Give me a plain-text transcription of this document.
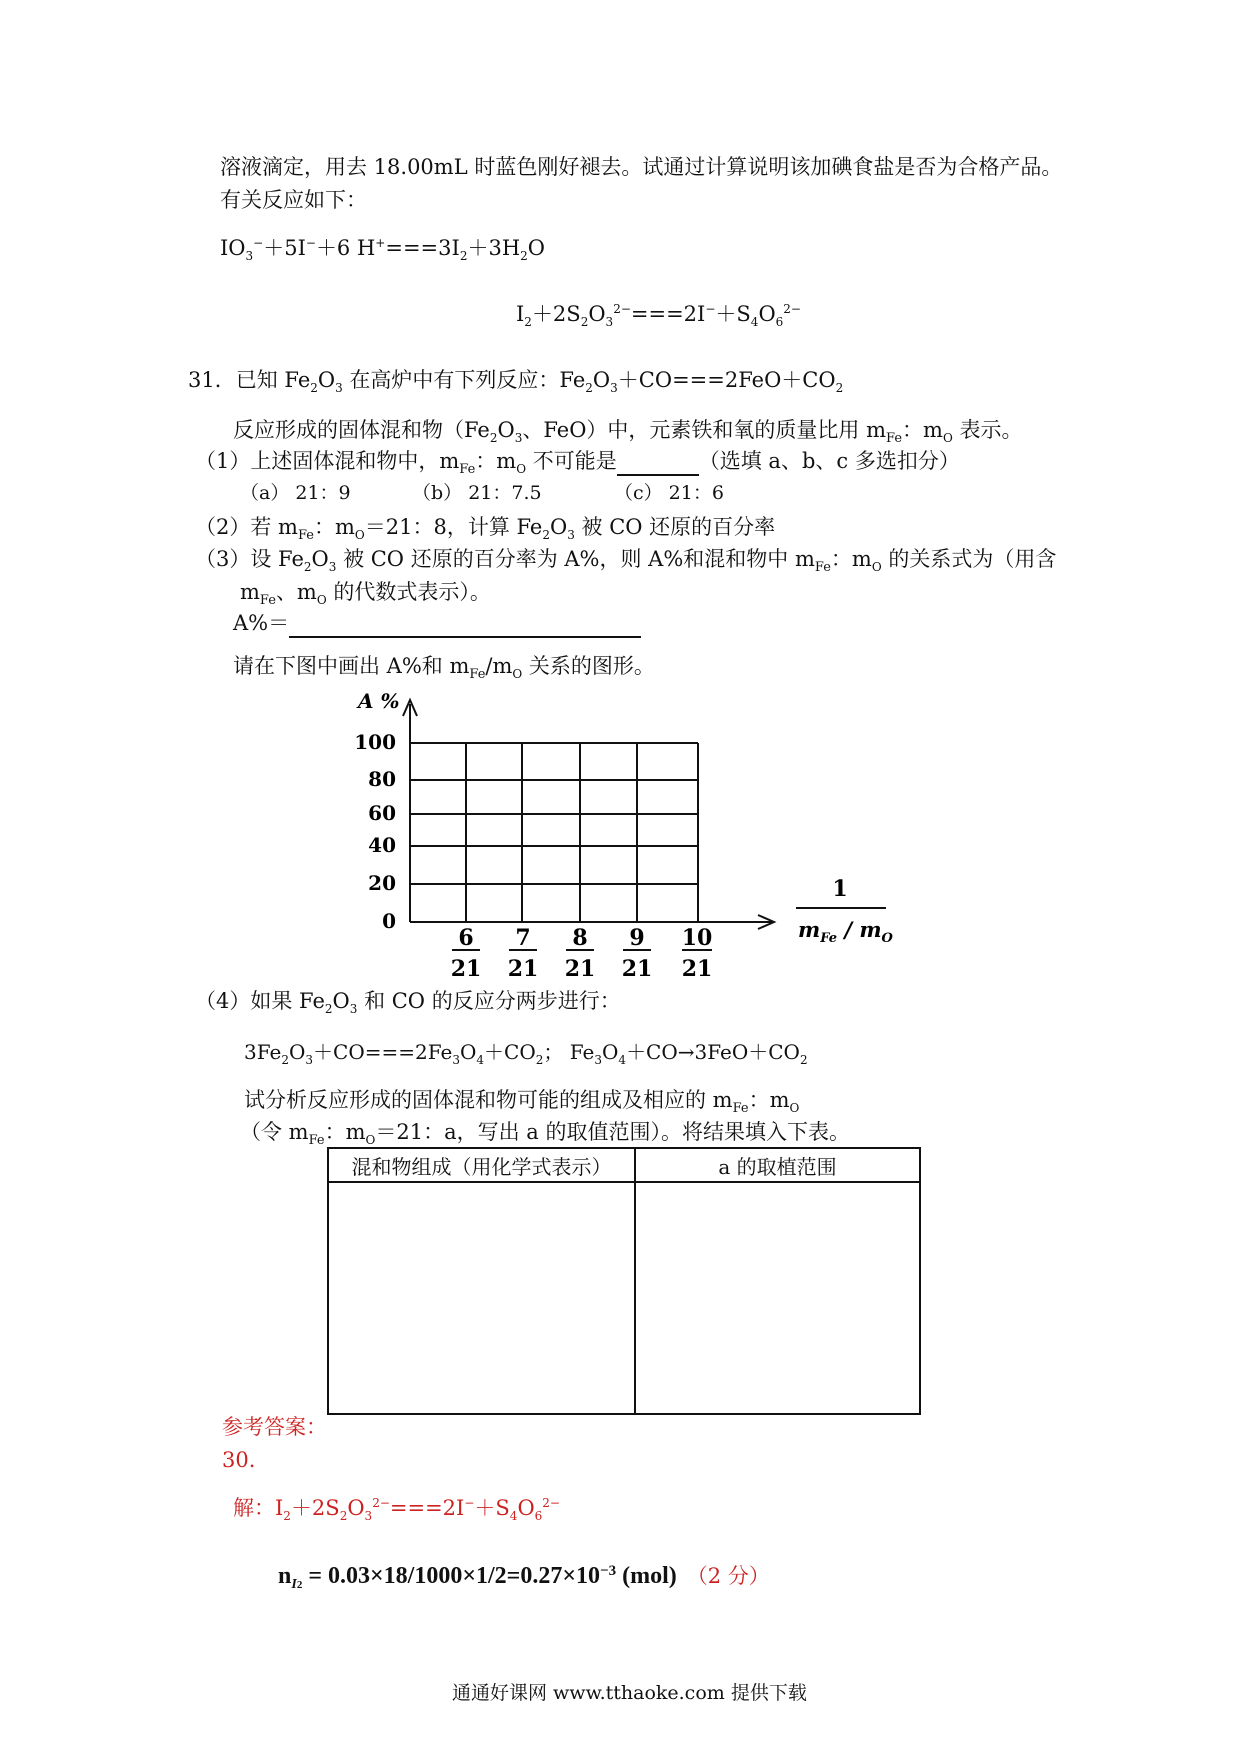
溶液滴定，用去 18.00mL 时蓝色刚好褪去。试通过计算说明该加碘食盐是否为合格产品。
有关反应如下：
$IO_3^-+5I^-+6$ $H^+===3I_2+3H_2O$
$I_2+2S_2O_3^{2-}===2I^-+S_4O_6^{2-}$
31．已知 $Fe_2O_3$ 在高炉中有下列反应：$Fe_2O_3+CO===2FeO+CO_2$
反应形成的固体混和物（$Fe_2O_3$、FeO）中，元素铁和氧的质量比用 $m_{Fe}$：$m_O$ 表示。
（1）上述固体混和物中，$m_{Fe}$：$m_O$ 不可能是	（选填 a、b、c 多选扣分）
（a） 21：9	（b） 21：7.5	（c） 21：6
（2）若 $m_{Fe}$：$m_O=21$：8，计算 $Fe_2O_3$ 被 CO 还原的百分率
（3）设 $Fe_2O_3$ 被 CO 还原的百分率为 A%，则 A%和混和物中 $m_{Fe}$：$m_O$ 的关系式为（用含
$m_{Fe}$、$m_O$ 的代数式表示）。
A%＝
请在下图中画出 A%和 $m_{Fe}/m_O$ 关系的图形。
A %
100
80
60
40
20
0
6
21
7
21
8
21
9
21
10
21
1
$m_{Fe} / m_O$
（4）如果 $Fe_2O_3$ 和 CO 的反应分两步进行：
$3Fe_2O_3+CO===2Fe_3O_4+CO_2$； $Fe_3O_4+CO\to 3FeO+CO_2$
试分析反应形成的固体混和物可能的组成及相应的 $m_{Fe}$：$m_O$
（令 $m_{Fe}$：$m_O=21$：a，写出 a 的取值范围）。将结果填入下表。
混和物组成（用化学式表示）	a 的取植范围

参考答案：
30.
解：$I_2+2S_2O_3^{2-}===2I^-+S_4O_6^{2-}$
$n_{I2} = 0.03\times 18/1000\times 1/2=0.27\times 10^{-3}$ (mol) （2 分）
通通好课网 www.tthaoke.com 提供下载
